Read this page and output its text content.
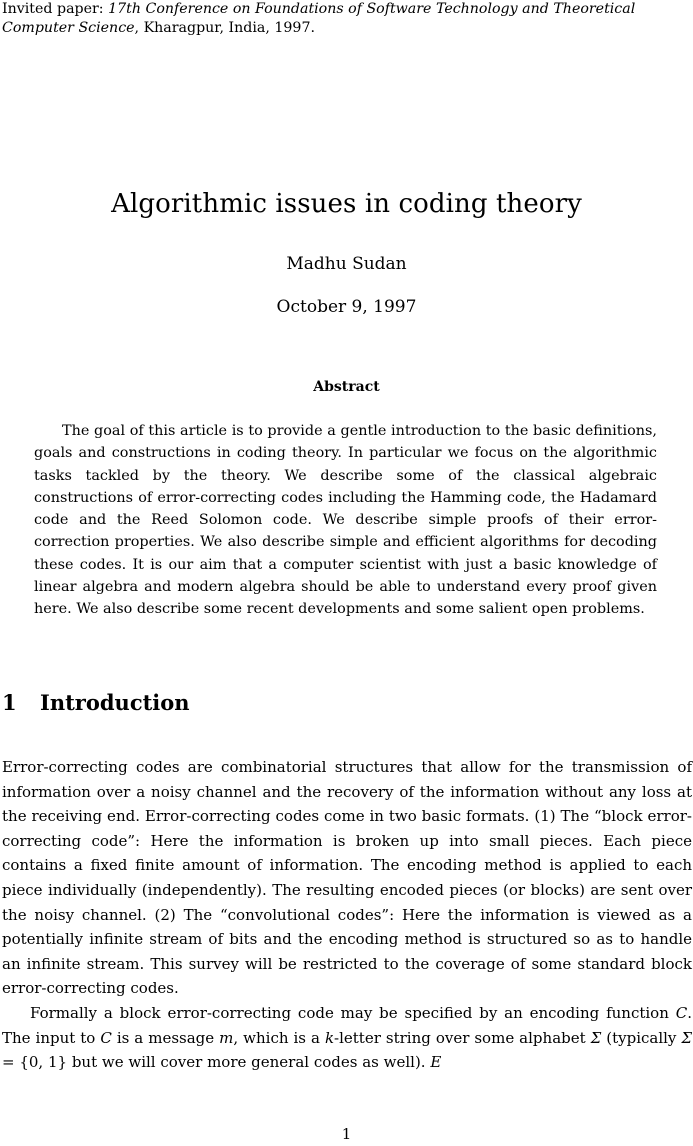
Invited paper: 17th Conference on Foundations of Software Technology and Theoretical Computer Science, Kharagpur, India, 1997.
Algorithmic issues in coding theory
Madhu Sudan
October 9, 1997
Abstract
The goal of this article is to provide a gentle introduction to the basic definitions, goals and constructions in coding theory. In particular we focus on the algorithmic tasks tackled by the theory. We describe some of the classical algebraic constructions of error-correcting codes including the Hamming code, the Hadamard code and the Reed Solomon code. We describe simple proofs of their error-correction properties. We also describe simple and efficient algorithms for decoding these codes. It is our aim that a computer scientist with just a basic knowledge of linear algebra and modern algebra should be able to understand every proof given here. We also describe some recent developments and some salient open problems.
1 Introduction

Error-correcting codes are combinatorial structures that allow for the transmission of information over a noisy channel and the recovery of the information without any loss at the receiving end. Error-correcting codes come in two basic formats. (1) The “block error-correcting code”: Here the information is broken up into small pieces. Each piece contains a fixed finite amount of information. The encoding method is applied to each piece individually (independently). The resulting encoded pieces (or blocks) are sent over the noisy channel. (2) The “convolutional codes”: Here the information is viewed as a potentially infinite stream of bits and the encoding method is structured so as to handle an infinite stream. This survey will be restricted to the coverage of some standard block error-correcting codes.

Formally a block error-correcting code may be specified by an encoding function C. The input to C is a message m, which is a k-letter string over some alphabet Σ (typically Σ = {0, 1} but we will cover more general codes as well). E

1
